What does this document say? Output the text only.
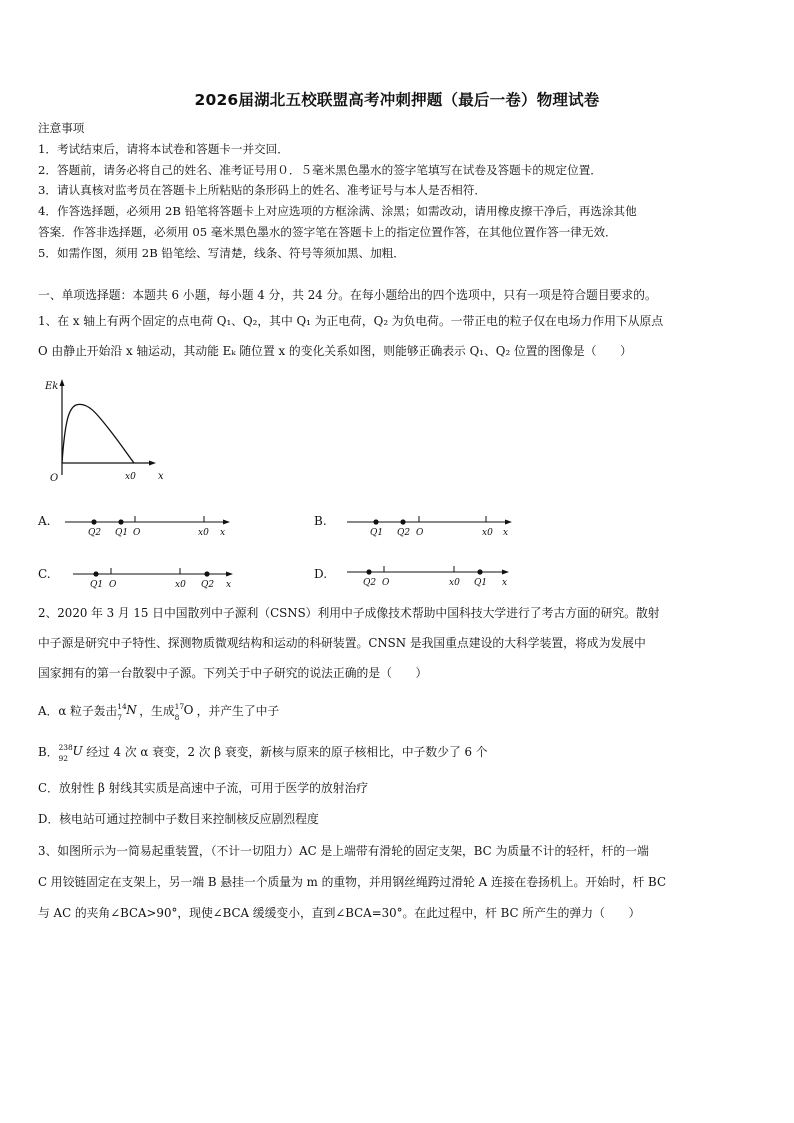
2026届湖北五校联盟高考冲刺押题（最后一卷）物理试卷
注意事项
1．考试结束后，请将本试卷和答题卡一并交回．
2．答题前，请务必将自己的姓名、准考证号用０．５毫米黑色墨水的签字笔填写在试卷及答题卡的规定位置．
3．请认真核对监考员在答题卡上所粘贴的条形码上的姓名、准考证号与本人是否相符．
4．作答选择题，必须用 2B 铅笔将答题卡上对应选项的方框涂满、涂黑；如需改动，请用橡皮擦干净后，再选涂其他
答案．作答非选择题，必须用 05 毫米黑色墨水的签字笔在答题卡上的指定位置作答，在其他位置作答一律无效．
5．如需作图，须用 2B 铅笔绘、写清楚，线条、符号等须加黑、加粗．
一、单项选择题：本题共 6 小题，每小题 4 分，共 24 分。在每小题给出的四个选项中，只有一项是符合题目要求的。
1、在 x 轴上有两个固定的点电荷 Q₁、Q₂，其中 Q₁ 为正电荷，Q₂ 为负电荷。一带正电的粒子仅在电场力作用下从原点
O 由静止开始沿 x 轴运动，其动能 Eₖ 随位置 x 的变化关系如图，则能够正确表示 Q₁、Q₂ 位置的图像是（　　）
Ek
x
O	x0
A.
Q2 Q1 O	x0 x
B.
Q1 Q2 O	x0 x
C.
Q1 O	x0 Q2 x
D.
Q2 O	x0 Q1 x
2、2020 年 3 月 15 日中国散列中子源利（CSNS）利用中子成像技术帮助中国科技大学进行了考古方面的研究。散射
中子源是研究中子特性、探测物质微观结构和运动的科研装置。CNSN 是我国重点建设的大科学装置，将成为发展中
国家拥有的第一台散裂中子源。下列关于中子研究的说法正确的是（　　）
A．α 粒子轰击 14
7
N ，生成 17
8
O ，并产生了中子
B． 238
92
U 经过 4 次 α 衰变，2 次 β 衰变，新核与原来的原子核相比，中子数少了 6 个
C．放射性 β 射线其实质是高速中子流，可用于医学的放射治疗
D．核电站可通过控制中子数目来控制核反应剧烈程度
3、如图所示为一简易起重装置，（不计一切阻力）AC 是上端带有滑轮的固定支架，BC 为质量不计的轻杆，杆的一端
C 用铰链固定在支架上，另一端 B 悬挂一个质量为 m 的重物，并用钢丝绳跨过滑轮 A 连接在卷扬机上。开始时，杆 BC
与 AC 的夹角∠BCA>90°，现使∠BCA 缓缓变小，直到∠BCA=30°。在此过程中，杆 BC 所产生的弹力（　　）
